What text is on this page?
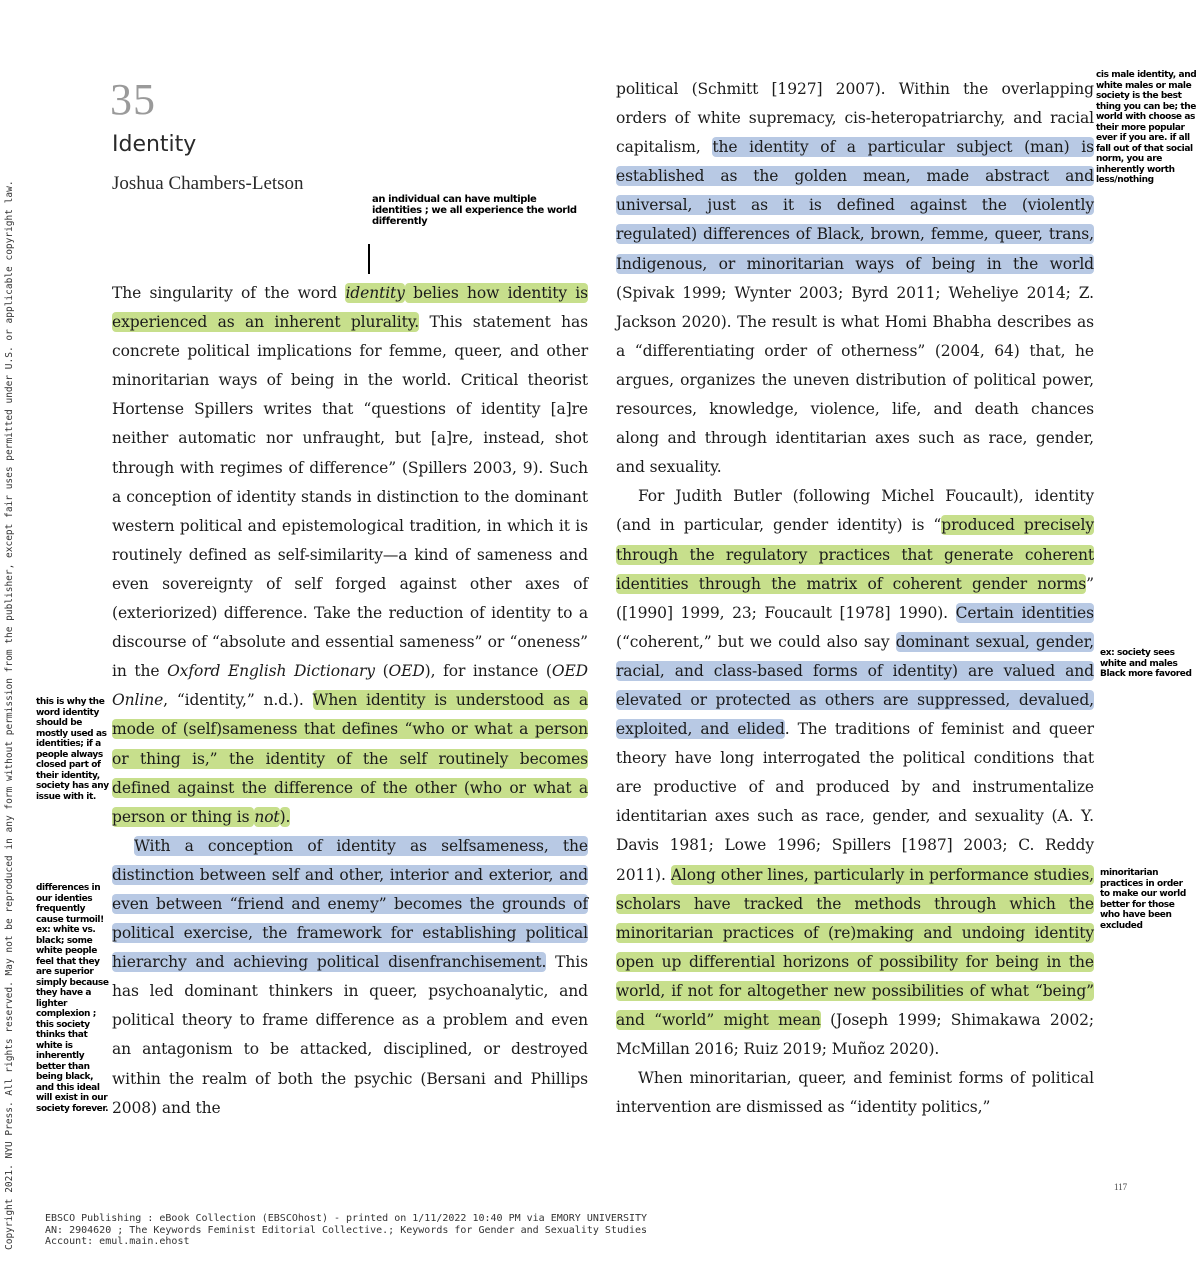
35
Identity
Joshua Chambers-Letson

The singularity of the word identity belies how identity is experienced as an inherent plurality. This statement has concrete political implications for femme, queer, and other minoritarian ways of being in the world. Critical theorist Hortense Spillers writes that “questions of identity [a]re neither automatic nor unfraught, but [a]re, instead, shot through with regimes of difference” (Spillers 2003, 9). Such a conception of identity stands in distinction to the dominant western political and epistemological tradition, in which it is routinely defined as self-similarity—a kind of sameness and even sovereignty of self forged against other axes of (exteriorized) difference. Take the reduction of identity to a discourse of “absolute and essential sameness” or “oneness” in the Oxford English Dictionary (OED), for instance (OED Online, “identity,” n.d.). When identity is understood as a mode of (self)sameness that defines “who or what a person or thing is,” the identity of the self routinely becomes defined against the difference of the other (who or what a person or thing is not).

With a conception of identity as selfsameness, the distinction between self and other, interior and exterior, and even between “friend and enemy” becomes the grounds of political exercise, the framework for establishing political hierarchy and achieving political disenfranchisement. This has led dominant thinkers in queer, psychoanalytic, and political theory to frame difference as a problem and even an antagonism to be attacked, disciplined, or destroyed within the realm of both the psychic (Bersani and Phillips 2008) and the

political (Schmitt [1927] 2007). Within the overlapping orders of white supremacy, cis-heteropatriarchy, and racial capitalism, the identity of a particular subject (man) is established as the golden mean, made abstract and universal, just as it is defined against the (violently regulated) differences of Black, brown, femme, queer, trans, Indigenous, or minoritarian ways of being in the world (Spivak 1999; Wynter 2003; Byrd 2011; Weheliye 2014; Z. Jackson 2020). The result is what Homi Bhabha describes as a “differentiating order of otherness” (2004, 64) that, he argues, organizes the uneven distribution of political power, resources, knowledge, violence, life, and death chances along and through identitarian axes such as race, gender, and sexuality.

For Judith Butler (following Michel Foucault), identity (and in particular, gender identity) is “produced precisely through the regulatory practices that generate coherent identities through the matrix of coherent gender norms” ([1990] 1999, 23; Foucault [1978] 1990). Certain identities (“coherent,” but we could also say dominant sexual, gender, racial, and class-based forms of identity) are valued and elevated or protected as others are suppressed, devalued, exploited, and elided. The traditions of feminist and queer theory have long interrogated the political conditions that are productive of and produced by and instrumentalize identitarian axes such as race, gender, and sexuality (A. Y. Davis 1981; Lowe 1996; Spillers [1987] 2003; C. Reddy 2011). Along other lines, particularly in performance studies, scholars have tracked the methods through which the minoritarian practices of (re)making and undoing identity open up differential horizons of possibility for being in the world, if not for altogether new possibilities of what “being” and “world” might mean (Joseph 1999; Shimakawa 2002; McMillan 2016; Ruiz 2019; Muñoz 2020).

When minoritarian, queer, and feminist forms of political intervention are dismissed as “identity politics,”

an individual can have multiple identities ; we all experience the world differently
this is why the word identity should be mostly used as identities; if a people always closed part of their identity, society has any issue with it.
differences in our identies frequently cause turmoil! ex: white vs. black; some white people feel that they are superior simply because they have a lighter complexion ; this society thinks that white is inherently better than being black, and this ideal will exist in our society forever.
cis male identity, and white males or male society is the best thing you can be; the world with choose as their more popular ever if you are. if all fall out of that social norm, you are inherently worth less/nothing
ex: society sees white and males Black more favored
minoritarian practices in order to make our world better for those who have been excluded
Copyright 2021. NYU Press. All rights reserved. May not be reproduced in any form without permission from the publisher, except fair uses permitted under U.S. or applicable copyright law.	EBSCO Publishing : eBook Collection (EBSCOhost) - printed on 1/11/2022 10:40 PM via EMORY UNIVERSITY
AN: 2904620 ; The Keywords Feminist Editorial Collective.; Keywords for Gender and Sexuality Studies
Account: emul.main.ehost
117
